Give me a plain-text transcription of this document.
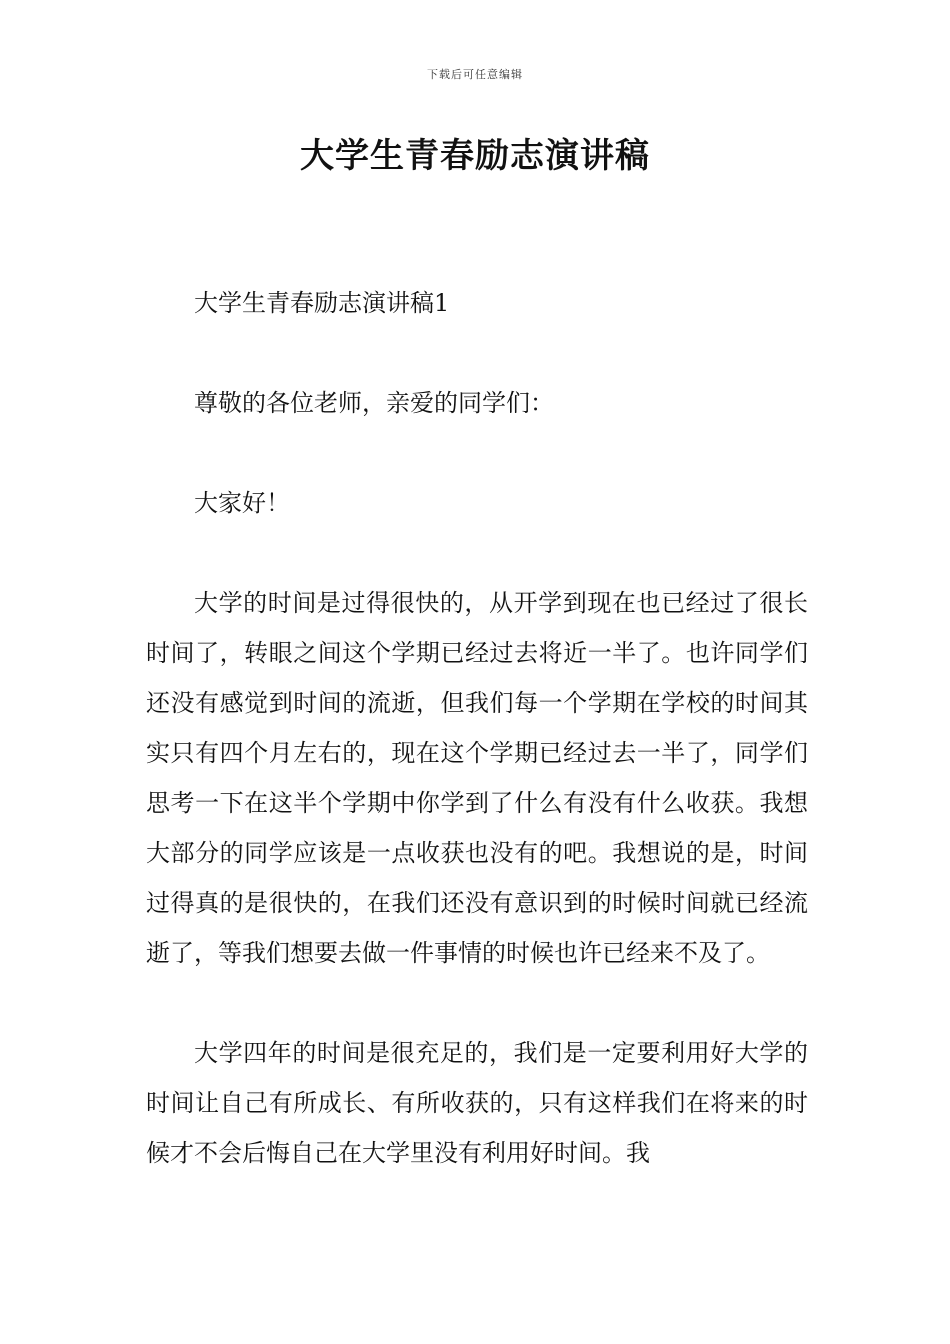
下载后可任意编辑
大学生青春励志演讲稿

大学生青春励志演讲稿1

尊敬的各位老师，亲爱的同学们：

大家好！

大学的时间是过得很快的，从开学到现在也已经过了很长时间了，转眼之间这个学期已经过去将近一半了。也许同学们还没有感觉到时间的流逝，但我们每一个学期在学校的时间其实只有四个月左右的，现在这个学期已经过去一半了，同学们思考一下在这半个学期中你学到了什么有没有什么收获。我想大部分的同学应该是一点收获也没有的吧。我想说的是，时间过得真的是很快的，在我们还没有意识到的时候时间就已经流逝了，等我们想要去做一件事情的时候也许已经来不及了。

大学四年的时间是很充足的，我们是一定要利用好大学的时间让自己有所成长、有所收获的，只有这样我们在将来的时候才不会后悔自己在大学里没有利用好时间。我
